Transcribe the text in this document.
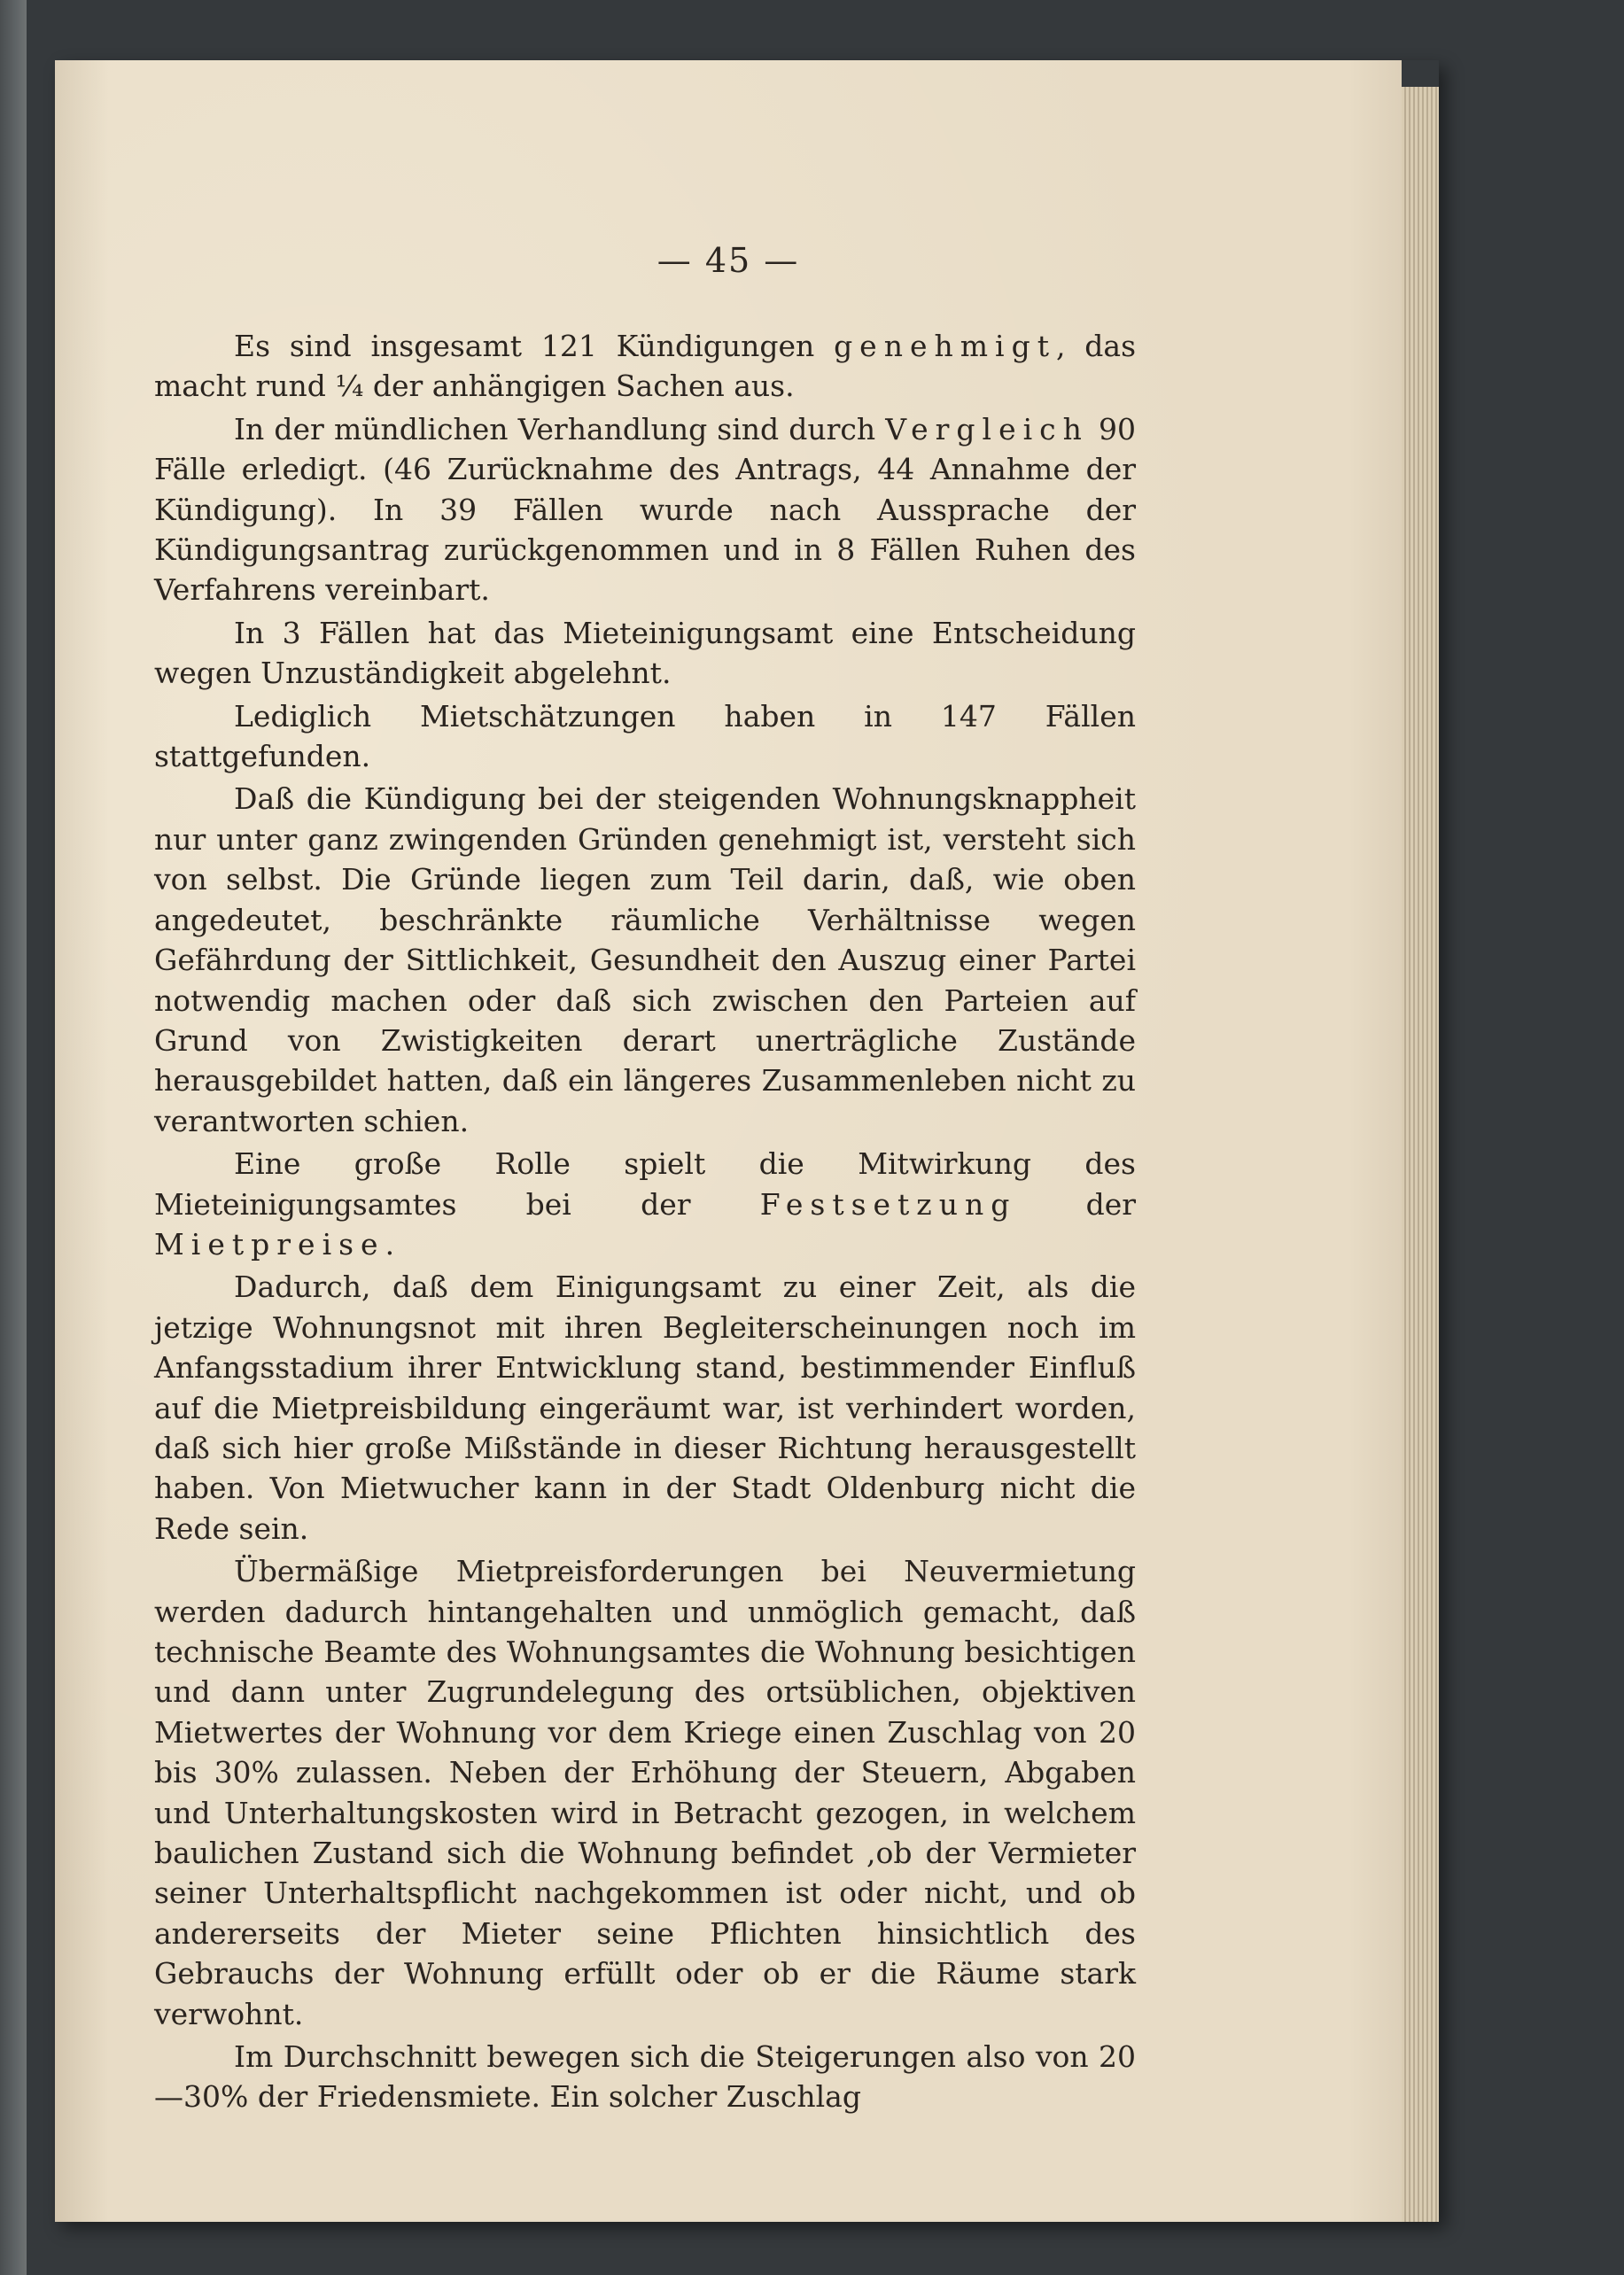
— 45 —

Es sind insgesamt 121 Kündigungen genehmigt, das macht rund ¼ der anhängigen Sachen aus.

In der mündlichen Verhandlung sind durch Vergleich 90 Fälle erledigt. (46 Zurücknahme des Antrags, 44 Annahme der Kündigung). In 39 Fällen wurde nach Aussprache der Kündigungsantrag zurückgenommen und in 8 Fällen Ruhen des Verfahrens vereinbart.

In 3 Fällen hat das Mieteinigungsamt eine Entscheidung wegen Unzuständigkeit abgelehnt.

Lediglich Mietschätzungen haben in 147 Fällen stattgefunden.

Daß die Kündigung bei der steigenden Wohnungsknappheit nur unter ganz zwingenden Gründen genehmigt ist, versteht sich von selbst. Die Gründe liegen zum Teil darin, daß, wie oben angedeutet, beschränkte räumliche Verhältnisse wegen Gefährdung der Sittlichkeit, Gesundheit den Auszug einer Partei notwendig machen oder daß sich zwischen den Parteien auf Grund von Zwistigkeiten derart unerträgliche Zustände herausgebildet hatten, daß ein längeres Zusammenleben nicht zu verantworten schien.

Eine große Rolle spielt die Mitwirkung des Mieteinigungsamtes bei der Festsetzung der Mietpreise.

Dadurch, daß dem Einigungsamt zu einer Zeit, als die jetzige Wohnungsnot mit ihren Begleiterscheinungen noch im Anfangsstadium ihrer Entwicklung stand, bestimmender Einfluß auf die Mietpreisbildung eingeräumt war, ist verhindert worden, daß sich hier große Mißstände in dieser Richtung herausgestellt haben. Von Mietwucher kann in der Stadt Oldenburg nicht die Rede sein.

Übermäßige Mietpreisforderungen bei Neuvermietung werden dadurch hintangehalten und unmöglich gemacht, daß technische Beamte des Wohnungsamtes die Wohnung besichtigen und dann unter Zugrundelegung des ortsüblichen, objektiven Mietwertes der Wohnung vor dem Kriege einen Zuschlag von 20 bis 30% zulassen. Neben der Erhöhung der Steuern, Abgaben und Unterhaltungskosten wird in Betracht gezogen, in welchem baulichen Zustand sich die Wohnung befindet ,ob der Vermieter seiner Unterhaltspflicht nachgekommen ist oder nicht, und ob andererseits der Mieter seine Pflichten hinsichtlich des Gebrauchs der Wohnung erfüllt oder ob er die Räume stark verwohnt.

Im Durchschnitt bewegen sich die Steigerungen also von 20—30% der Friedensmiete. Ein solcher Zuschlag
